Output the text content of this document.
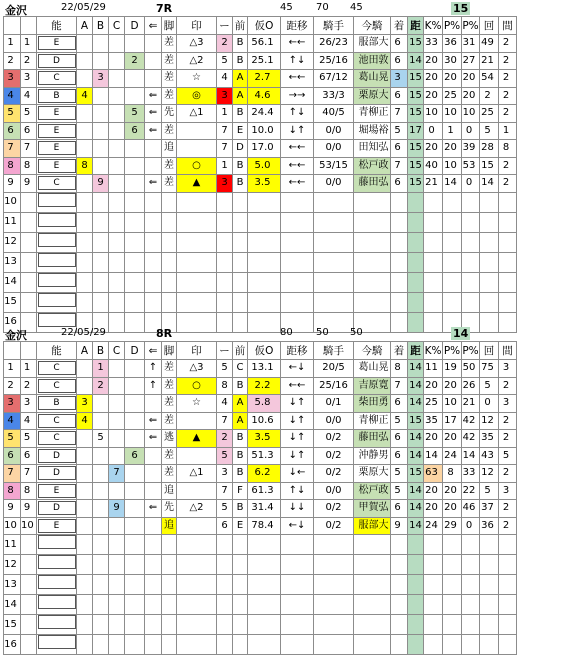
金沢	22/05/29	7R	45 70 45	15
		能	A	B	C	D	⇐	脚	印	ー	前	仮O	距移	騎手	今騎	着	距	K%	P%	P%	回	間
1	1	E						差	△3	2	B	56.1	←←	26/23	服部大	6	15	33	36	31	49	2
2	2	D				2		差	△2	5	B	25.1	↑↓	25/16	池田敦	6	14	20	30	27	21	2
3	3	C		3				差	☆	4	A	2.7	←←	67/12	葛山晃	3	15	20	20	20	54	2
4	4	B	4				⇐	差	◎	3	A	4.6	→→	33/3	栗原大	6	15	20	25	20	2	2
5	5	E				5	⇐	先	△1	1	B	24.4	↑↓	40/5	青柳正	7	15	10	10	10	25	2
6	6	E				6	⇐	差		7	E	10.0	↓↑	0/0	堀場裕	5	17	0	1	0	5	1
7	7	E						追		7	D	17.0	←←	0/0	田知弘	6	15	20	20	39	28	8
8	8	E	8					差	○	1	B	5.0	←←	53/15	松戸政	7	15	40	10	53	15	2
9	9	C		9			⇐	差	▲	3	B	3.5	←←	0/0	藤田弘	6	15	21	14	0	14	2
10																						
11																						
12																						
13																						
14																						
15																						
16																						
金沢	22/05/29	8R	80 50 50	14
		能	A	B	C	D	⇐	脚	印	ー	前	仮O	距移	騎手	今騎	着	距	K%	P%	P%	回	間
1	1	C		1			↑	差	△3	5	C	13.1	←↓	20/5	葛山晃	8	14	11	19	50	75	3
2	2	C		2			↑	差	○	8	B	2.2	←←	25/16	吉原寛	7	14	20	20	26	5	2
3	3	B	3					差	☆	4	A	5.8	↓↑	0/1	柴田勇	6	14	25	10	21	0	3
4	4	C	4				⇐	差		7	A	10.6	↓↑	0/0	青柳正	5	15	35	17	42	12	2
5	5	C		5			⇐	逃	▲	2	B	3.5	↓↑	0/2	藤田弘	6	14	20	20	42	35	2
6	6	D				6		差		5	B	51.3	↓↑	0/2	沖静男	6	14	14	24	14	43	5
7	7	D			7			差	△1	3	B	6.2	↓←	0/2	栗原大	5	15	63	8	33	12	2
8	8	E						追		7	F	61.3	↑↓	0/0	松戸政	5	14	20	20	22	5	3
9	9	D			9		⇐	先	△2	5	B	31.4	↓↓	0/2	甲賀弘	6	14	20	20	46	37	2
10	10	E						追		6	E	78.4	←↓	0/2	服部大	9	14	24	29	0	36	2
11																						
12																						
13																						
14																						
15																						
16																						
